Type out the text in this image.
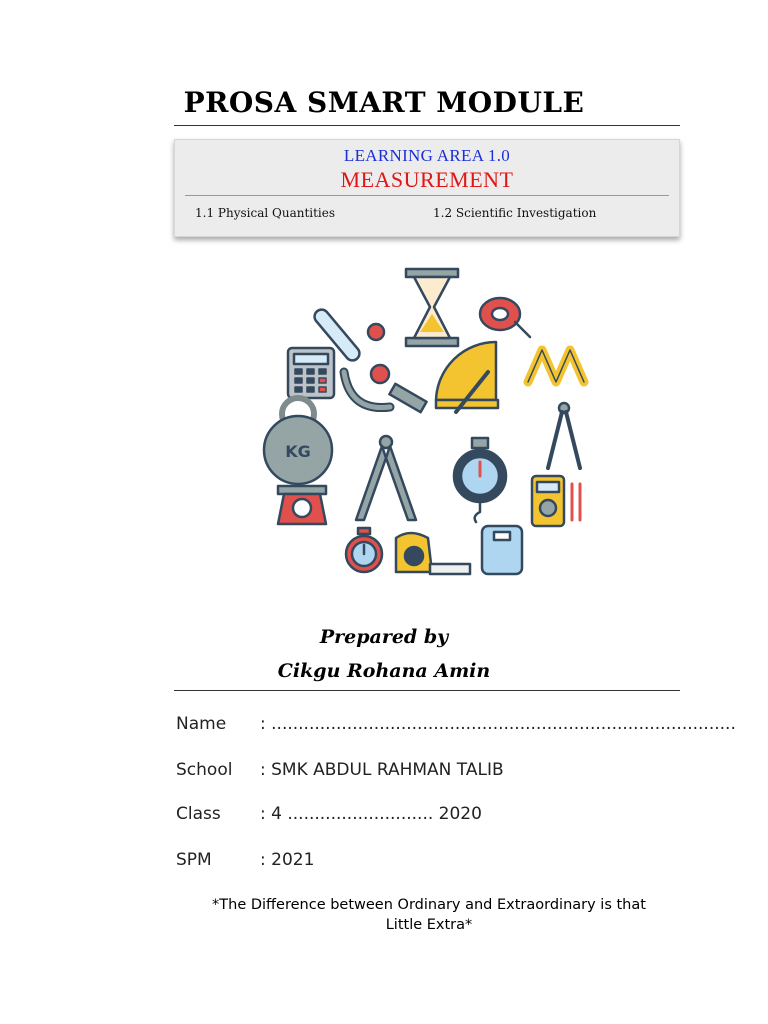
PROSA SMART MODULE
LEARNING AREA 1.0
MEASUREMENT
1.1 Physical Quantities	1.2 Scientific Investigation
KG
Prepared by
Cikgu Rohana Amin
Name : ......................................................................................
School : SMK ABDUL RAHMAN TALIB
Class : 4 ........................... 2020
SPM	: 2021
*The Difference between Ordinary and Extraordinary is that
Little Extra*
